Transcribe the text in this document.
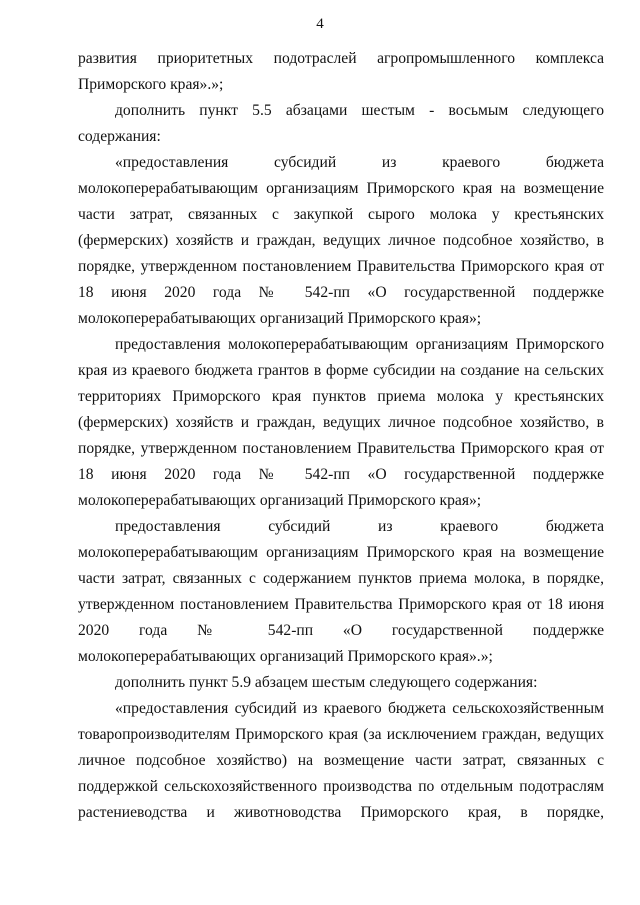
4

развития приоритетных подотраслей агропромышленного комплекса Приморского края».»;

дополнить пункт 5.5 абзацами шестым - восьмым следующего содержания:

«предоставления субсидий из краевого бюджета молокоперерабатывающим организациям Приморского края на возмещение части затрат, связанных с закупкой сырого молока у крестьянских (фермерских) хозяйств и граждан, ведущих личное подсобное хозяйство, в порядке, утвержденном постановлением Правительства Приморского края от 18 июня 2020 года № 542-пп «О государственной поддержке молокоперерабатывающих организаций Приморского края»;

предоставления молокоперерабатывающим организациям Приморского края из краевого бюджета грантов в форме субсидии на создание на сельских территориях Приморского края пунктов приема молока у крестьянских (фермерских) хозяйств и граждан, ведущих личное подсобное хозяйство, в порядке, утвержденном постановлением Правительства Приморского края от 18 июня 2020 года № 542-пп «О государственной поддержке молокоперерабатывающих организаций Приморского края»;

предоставления субсидий из краевого бюджета молокоперерабатывающим организациям Приморского края на возмещение части затрат, связанных с содержанием пунктов приема молока, в порядке, утвержденном постановлением Правительства Приморского края от 18 июня 2020 года № 542-пп «О государственной поддержке молокоперерабатывающих организаций Приморского края».»;

дополнить пункт 5.9 абзацем шестым следующего содержания:

«предоставления субсидий из краевого бюджета сельскохозяйственным товаропроизводителям Приморского края (за исключением граждан, ведущих личное подсобное хозяйство) на возмещение части затрат, связанных с поддержкой сельскохозяйственного производства по отдельным подотраслям растениеводства и животноводства Приморского края, в порядке,
